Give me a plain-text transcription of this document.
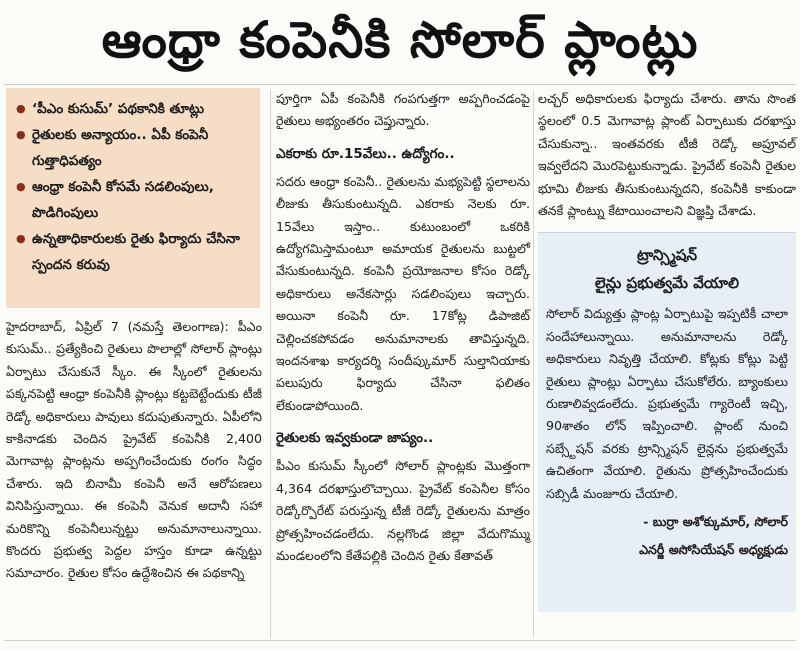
ఆంధ్రా కంపెనీకి సోలార్ ప్లాంట్లు
● ‘పీఎం కుసుమ్’ పథకానికి తూట్లు
● రైతులకు అన్యాయం.. ఏపీ కంపెనీ గుత్తాధిపత్యం
● ఆంధ్రా కంపెనీ కోసమే సడలింపులు, పొడిగింపులు
● ఉన్నతాధికారులకు రైతు ఫిర్యాదు చేసినా స్పందన కరువు

హైదరాబాద్, ఏప్రిల్ 7 (నమస్తే తెలంగాణ): పీఎం కుసుమ్.. ప్రత్యేకించి రైతులు పొలాల్లో సోలార్ ప్లాంట్లు ఏర్పాటు చేసుకునే స్కీం. ఈ స్కీంలో రైతులను పక్కనపెట్టి ఆంధ్రా కంపెనీకి ప్లాంట్లు కట్టబెట్టేందుకు టీజీ రెడ్కో అధికారులు పావులు కదుపుతున్నారు. ఏపీలోని కాకినాడకు చెందిన ప్రైవేట్ కంపెనీకి 2,400 మెగావాట్ల ప్లాంట్లను అప్పగించేందుకు రంగం సిద్ధం చేశారు. ఇది బినామీ కంపెనీ అనే ఆరోపణలు వినిపిస్తున్నాయి. ఈ కంపెనీ వెనుక అదానీ సహా మరికొన్ని కంపెనీలున్నట్టు అనుమానాలున్నాయి. కొందరు ప్రభుత్వ పెద్దల హస్తం కూడా ఉన్నట్టు సమాచారం. రైతుల కోసం ఉద్దేశించిన ఈ పథకాన్ని

పూర్తిగా ఏపీ కంపెనీకి గంపగుత్తగా అప్పగించడంపై రైతులు అభ్యంతరం చెప్తున్నారు.

ఎకరాకు రూ.15వేలు.. ఉద్యోగం..

సదరు ఆంధ్రా కంపెనీ.. రైతులను మభ్యపెట్టి స్థలాలను లీజుకు తీసుకుంటున్నది. ఎకరాకు నెలకు రూ. 15వేలు ఇస్తాం.. కుటుంబంలో ఒకరికి ఉద్యోగమిస్తామంటూ అమాయక రైతులను బుట్టలో వేసుకుంటున్నది. కంపెనీ ప్రయోజనాల కోసం రెడ్కో అధికారులు అనేకసార్లు సడలింపులు ఇచ్చారు. అయినా కంపెనీ రూ. 17కోట్ల డిపాజిట్ చెల్లించకపోవడం అనుమానాలకు తావిస్తున్నది. ఇందనశాఖ కార్యదర్శి సందీప్కుమార్ సుల్తానియాకు పలుపురు ఫిర్యాదు చేసినా ఫలితం లేకుండాపోయింది.

రైతులకు ఇవ్వకుండా జాప్యం..

పీఎం కుసుమ్ స్కీంలో సోలార్ ప్లాంట్లకు మొత్తంగా 4,364 దరఖాస్తులొచ్చాయి. ప్రైవేట్ కంపెనీల కోసం రెడ్కోర్పొరేట్ పరుస్తున్న టీజీ రెడ్కో రైతులను మాత్రం ప్రోత్సహించడంలేదు. నల్లగొండ జిల్లా వేదుగొమ్ము మండలంలోని కేతేపల్లికి చెందిన రైతు కేతావత్

లచ్చర్ అధికారులకు ఫిర్యాదు చేశారు. తాను సొంత స్థలంలో 0.5 మెగావాట్ల ప్లాంట్ ఏర్పాటుకు దరఖాస్తు చేసుకున్నా.. ఇంతవరకు టీజీ రెడ్కో అప్రూవల్ ఇవ్వలేదని మొరపెట్టుకున్నాడు. ప్రైవేట్ కంపెనీ రైతుల భూమి లీజుకు తీసుకుంటున్నదని, కంపెనీకి కాకుండా తనకే ప్లాంట్ను కేటాయించాలని విజ్ఞప్తి చేశాడు.

ట్రాన్స్మిషన్
లైన్లు ప్రభుత్వమే వేయాలి

సోలార్ విద్యుత్తు ప్లాంట్ల ఏర్పాటుపై ఇప్పటికీ చాలా సందేహాలున్నాయి. అనుమానాలను రెడ్కో అధికారులు నివృత్తి చేయాలి. కోట్లకు కోట్లు పెట్టి రైతులు ప్లాంట్లు ఏర్పాటు చేసుకోలేరు. బ్యాంకులు రుణాలివ్వడంలేదు. ప్రభుత్వమే గ్యారెంటీ ఇచ్చి, 90శాతం లోన్ ఇప్పించాలి. ప్లాంట్ నుంచి సబ్స్టేషన్ వరకు ట్రాన్స్మిషన్ లైన్లను ప్రభుత్వమే ఉచితంగా వేయాలి. రైతును ప్రోత్సహించేందుకు సబ్సిడీ మంజూరు చేయాలి.

- బుర్రా అశోక్కుమార్, సోలార్
ఎనర్జీ అసోసియేషన్ అధ్యక్షుడు
